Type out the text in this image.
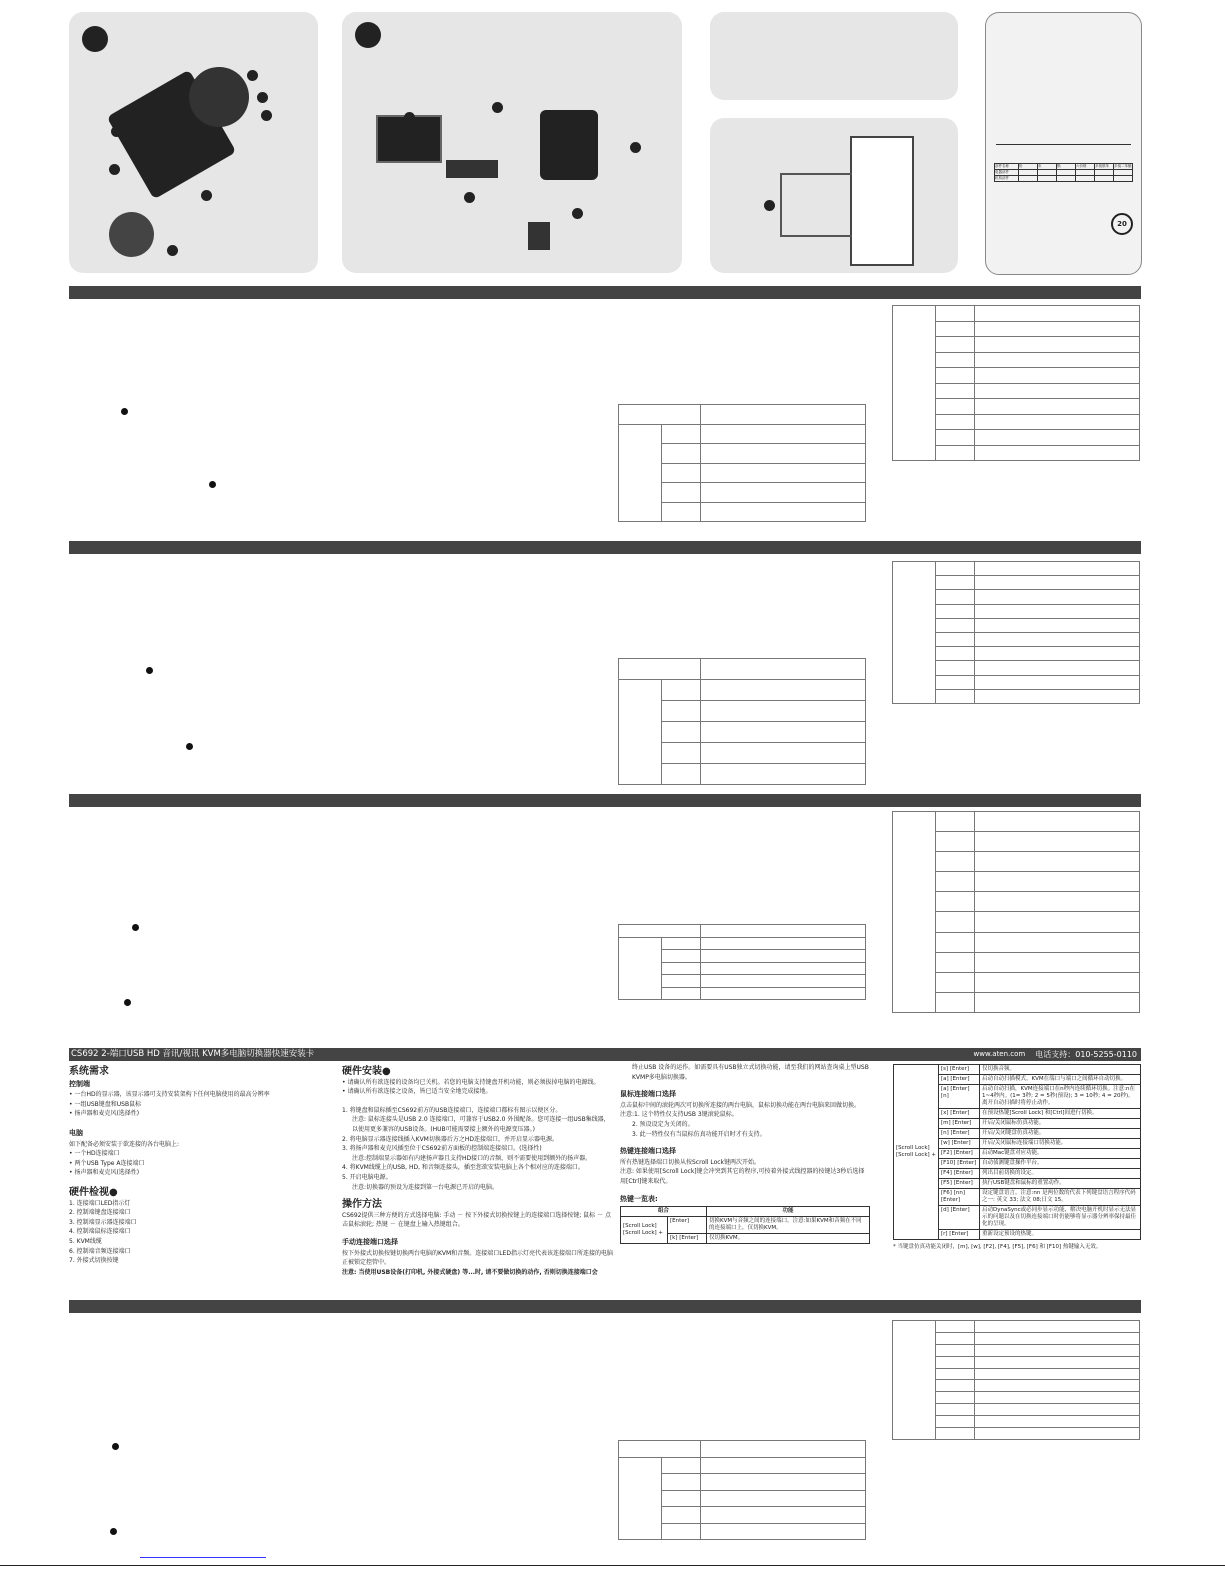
部件名称	铅	汞	镉	六价铬	多溴联苯	多溴二苯醚
电器部件						
机构部件						
20

CS692 2-端口USB HD 音讯/视讯 KVM多电脑切换器快速安装卡	www.aten.com 电话支持：010-5255-0110
系统需求
控制端

• 一台HD的显示器，该显示器可支持安装架构下任何电脑使用的最高分辨率

• 一组USB键盘和USB鼠标

• 扬声器和麦克风(选择性)

电脑

如下配备必须安装于欲连接的各台电脑上:

• 一个HD连接端口

• 两个USB Type A连接端口

• 扬声器和麦克风(选择性)

硬件检视●

1. 连接端口LED指示灯

2. 控制端键盘连接端口

3. 控制端显示器连接端口

4. 控制端鼠标连接端口

5. KVM线缆

6. 控制端音频连接端口

7. 外接式切换按键

硬件安装●

• 请确认所有欲连接的设备均已关机。若您的电脑支持键盘开机功能，则必须拔掉电脑的电源线。

• 请确认所有欲连接之设备，皆已适当安全地完成接地。

1. 将键盘和鼠标插至CS692前方的USB连接端口，连接端口都标有图示以便区分。

注意: 鼠标连接头是USB 2.0 连接端口，可兼容于USB2.0 外围配备。您可连接一组USB集线器，以使用更多兼容的USB设备。(HUB可能需要接上额外的电源变压器。)

2. 将电脑显示器连接线插入KVM切换器后方之HD连接端口，并开启显示器电源。

3. 将扬声器和麦克风插至位于CS692前方面板的控制端连接端口。(选择性)

注意:控制端显示器如有内建扬声器且支持HD接口的音频，则不需要使用到额外的扬声器。

4. 将KVM线缆上的USB, HD, 和音频连接头，插至您欲安装电脑上各个相对应的连接端口。

5. 开启电脑电源。

注意:切换器的预设为连接到第一台电源已开启的电脑。

操作方法

CS692提供三种方便的方式选择电脑: 手动 － 按下外接式切换按键上的连接端口选择按键; 鼠标 － 点击鼠标滚轮; 热键 － 在键盘上输入热键组合。

手动连接端口选择

按下外接式切换按键切换两台电脑的KVM和音频。连接端口LED指示灯亮代表该连接端口所连接的电脑正被锁定控管中。

注意: 当使用USB设备(打印机, 外接式硬盘) 等...时, 请不要做切换的动作, 否则切换连接端口会

终止USB 设备的运作。如需要具有USB独立式切换功能，请至我们的网站查询桌上型USB KVMP多电脑切换器。

鼠标连接端口选择

点击鼠标中间的滚轮两次可切换所连接的两台电脑，鼠标切换功能在两台电脑来回做切换。

注意:1. 这个特性仅支持USB 3键滚轮鼠标。

2. 预设设定为关闭的。

3. 此一特性仅有当鼠标仿真功能开启时才有支持。

热键连接端口选择

所有热键选择端口切换从按Scroll Lock键两次开始。

注意: 如果使用[Scroll Lock]键会冲突到其它的程序,可按着外接式线控器的按键达3秒后选择用[Ctrl]键来取代。

热键一览表:
组合		功能
[Scroll Lock] [Scroll Lock] +	[Enter]	切换KVM与音频之间的连接端口。注意:如果KVM和音频在不同的连接端口上，仅切换KVM。
	[k] [Enter]	仅切换KVM。
[Scroll Lock] [Scroll Lock] +	[s] [Enter]	仅切换音频。
	[a] [Enter]	启动自动扫描模式。KVM在端口与端口之间循环自动切换。
	[a] [Enter][n]	启动自动扫描，KVM连接端口在n秒内连续循环切换。注意:n在1~4秒内。(1= 3秒; 2 = 5秒(预设); 3 = 10秒; 4 = 20秒)。离开自动扫描时将停止动作。
	[x] [Enter]	在预设热键[Scroll Lock] 和[Ctrl]间进行切换。
	[m] [Enter]	开启/关闭鼠标仿真功能。
	[n] [Enter]	开启/关闭键盘仿真功能。
	[w] [Enter]	开启/关闭鼠标连接端口切换功能。
	[F2] [Enter]	启动Mac键盘对应功能。
	[F10] [Enter]	自动侦测键盘操作平台。
	[F4] [Enter]	列出目前切换的设定。
	[F5] [Enter]	执行USB键盘和鼠标的重置动作。
	[F6] [nn] [Enter]	设定键盘语言。注意:nn 是两位数的代表下列键盘语言程序代码之一: 英文 33; 法文 08;日文 15。
	[d] [Enter]	启动DynaSync或必同步显示功能，解决电脑开机时显示无法显示的问题以及在切换连接端口时仍能够将显示器分辨率保持最佳化的呈现。
	[r] [Enter]	重新设定预设的热键。

* 当键盘仿真功能关闭时，[m], [w], [F2], [F4], [F5], [F6] 和 [F10] 热键输入无效。
